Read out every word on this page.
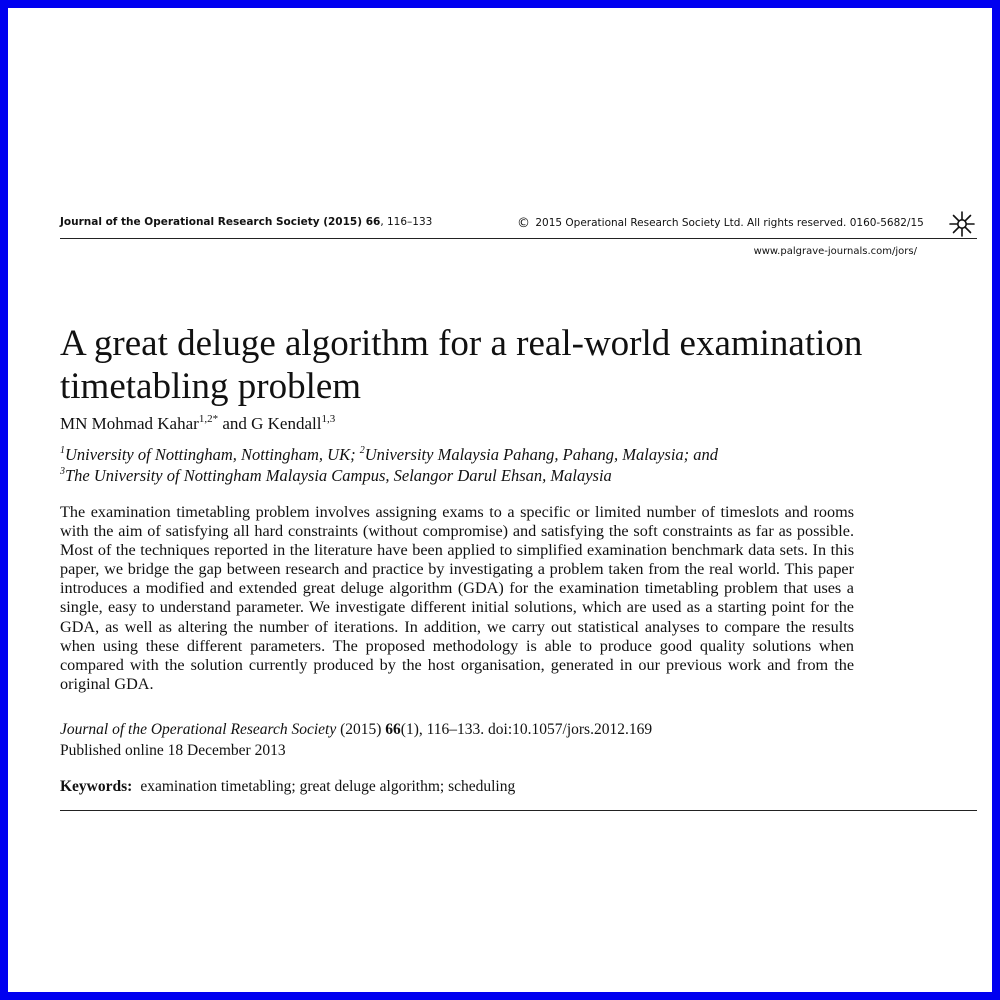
Journal of the Operational Research Society (2015) 66, 116–133	© 2015 Operational Research Society Ltd. All rights reserved. 0160-5682/15
www.palgrave-journals.com/jors/
A great deluge algorithm for a real-world examination timetabling problem
MN Mohmad Kahar$^{1,2*}$ and G Kendall$^{1,3}$
$^1$University of Nottingham, Nottingham, UK; $^2$University Malaysia Pahang, Pahang, Malaysia; and
$^3$The University of Nottingham Malaysia Campus, Selangor Darul Ehsan, Malaysia

The examination timetabling problem involves assigning exams to a specific or limited number of timeslots and rooms with the aim of satisfying all hard constraints (without compromise) and satisfying the soft constraints as far as possible. Most of the techniques reported in the literature have been applied to simplified examination benchmark data sets. In this paper, we bridge the gap between research and practice by investigating a problem taken from the real world. This paper introduces a modified and extended great deluge algorithm (GDA) for the examination timetabling problem that uses a single, easy to understand parameter. We investigate different initial solutions, which are used as a starting point for the GDA, as well as altering the number of iterations. In addition, we carry out statistical analyses to compare the results when using these different parameters. The proposed methodology is able to produce good quality solutions when compared with the solution currently produced by the host organisation, generated in our previous work and from the original GDA.

Journal of the Operational Research Society (2015) 66(1), 116–133. doi:10.1057/jors.2012.169
Published online 18 December 2013
Keywords: examination timetabling; great deluge algorithm; scheduling
